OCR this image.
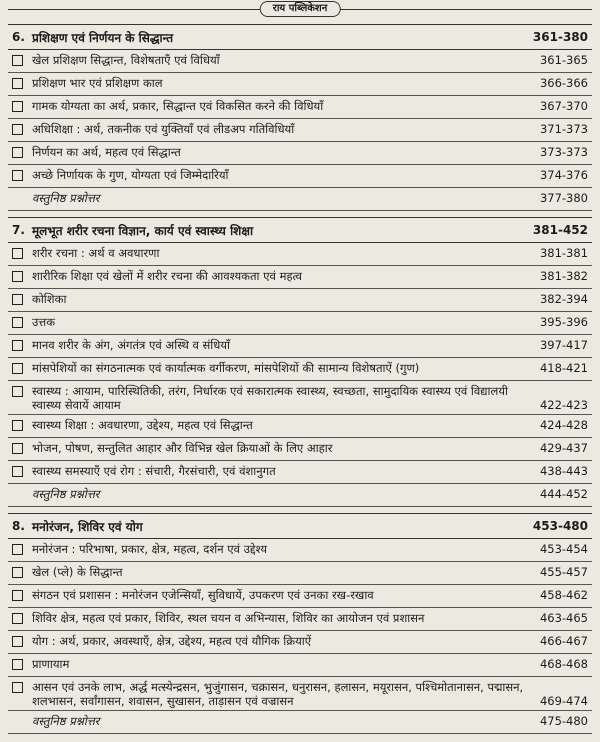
राय पब्लिकेशन
6. प्रशिक्षण एवं निर्णयन के सिद्धान्त	361-380
खेल प्रशिक्षण सिद्धान्त, विशेषताएँ एवं विधियाँ	361-365
प्रशिक्षण भार एवं प्रशिक्षण काल	366-366
गामक योग्यता का अर्थ, प्रकार, सिद्धान्त एवं विकसित करने की विधियाँ	367-370
अधिशिक्षा : अर्थ, तकनीक एवं युक्तियाँ एवं लीडअप गतिविधियाँ	371-373
निर्णयन का अर्थ, महत्व एवं सिद्धान्त	373-373
अच्छे निर्णायक के गुण, योग्यता एवं जिम्मेदारियाँ	374-376
वस्तुनिष्ठ प्रश्नोत्तर	377-380
7. मूलभूत शरीर रचना विज्ञान, कार्य एवं स्वास्थ्य शिक्षा	381-452
शरीर रचना : अर्थ व अवधारणा	381-381
शारीरिक शिक्षा एवं खेलों में शरीर रचना की आवश्यकता एवं महत्व	381-382
कोशिका	382-394
उत्तक	395-396
मानव शरीर के अंग, अंगतंत्र एवं अस्थि व संधियाँ	397-417
मांसपेशियों का संगठनात्मक एवं कार्यात्मक वर्गीकरण, मांसपेशियों की सामान्य विशेषताऐं (गुण)	418-421
स्वास्थ्य : आयाम, पारिस्थितिकी, तरंग, निर्धारक एवं सकारात्मक स्वास्थ्य, स्वच्छता, सामुदायिक स्वास्थ्य एवं विद्यालयी स्वास्थ्य सेवायें आयाम	422-423
स्वास्थ्य शिक्षा : अवधारणा, उद्देश्य, महत्व एवं सिद्धान्त	424-428
भोजन, पोषण, सन्तुलित आहार और विभिन्न खेल क्रियाओं के लिए आहार	429-437
स्वास्थ्य समस्याएँ एवं रोग : संचारी, गैरसंचारी, एवं वंशानुगत	438-443
वस्तुनिष्ठ प्रश्नोत्तर	444-452
8. मनोरंजन, शिविर एवं योग	453-480
मनोरंजन : परिभाषा, प्रकार, क्षेत्र, महत्व, दर्शन एवं उद्देश्य	453-454
खेल (प्ले) के सिद्धान्त	455-457
संगठन एवं प्रशासन : मनोरंजन एजेन्सियाँ, सुविधायें, उपकरण एवं उनका रख-रखाव	458-462
शिविर क्षेत्र, महत्व एवं प्रकार, शिविर, स्थल चयन व अभिन्यास, शिविर का आयोजन एवं प्रशासन	463-465
योग : अर्थ, प्रकार, अवस्थाएँ, क्षेत्र, उद्देश्य, महत्व एवं यौगिक क्रियाऐं	466-467
प्राणायाम	468-468
आसन एवं उनके लाभ, अर्द्ध मत्स्येन्द्रसन, भुजुंगासन, चक्रासन, धनुरासन, हलासन, मयूरासन, पश्चिमोतानासन, पद्मासन, शलभासन, सर्वांगासन, शवासन, सुखासन, ताड़ासन एवं वज्रासन	469-474
वस्तुनिष्ठ प्रश्नोत्तर	475-480
